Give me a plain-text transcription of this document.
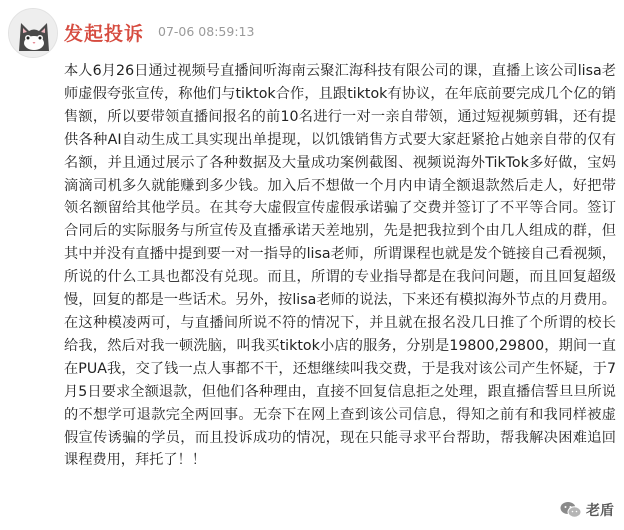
发起投诉 07-06 08:59:13
本人6月26日通过视频号直播间听海南云聚汇海科技有限公司的课，直播上该公司lisa老师虚假夸张宣传，称他们与tiktok合作，且跟tiktok有协议，在年底前要完成几个亿的销售额，所以要带领直播间报名的前10名进行一对一亲自带领，通过短视频剪辑，还有提供各种AI自动生成工具实现出单提现，以饥饿销售方式要大家赶紧抢占她亲自带的仅有名额，并且通过展示了各种数据及大量成功案例截图、视频说海外TikTok多好做，宝妈滴滴司机多久就能赚到多少钱。加入后不想做一个月内申请全额退款然后走人，好把带领名额留给其他学员。在其夸大虚假宣传虚假承诺骗了交费并签订了不平等合同。签订合同后的实际服务与所宣传及直播承诺天差地别，先是把我拉到个由几人组成的群，但其中并没有直播中提到要一对一指导的lisa老师，所谓课程也就是发个链接自己看视频，所说的什么工具也都没有兑现。而且，所谓的专业指导都是在我问问题，而且回复超级慢，回复的都是一些话术。另外，按lisa老师的说法，下来还有模拟海外节点的月费用。在这种模凌两可，与直播间所说不符的情况下，并且就在报名没几日推了个所谓的校长给我，然后对我一顿洗脑，叫我买tiktok小店的服务，分别是19800,29800，期间一直在PUA我，交了钱一点人事都不干，还想继续叫我交费，于是我对该公司产生怀疑，于7月5日要求全额退款，但他们各种理由，直接不回复信息拒之处理，跟直播信誓旦旦所说的不想学可退款完全两回事。无奈下在网上查到该公司信息，得知之前有和我同样被虚假宣传诱骗的学员，而且投诉成功的情况，现在只能寻求平台帮助，帮我解决困难追回课程费用，拜托了！！
老盾
